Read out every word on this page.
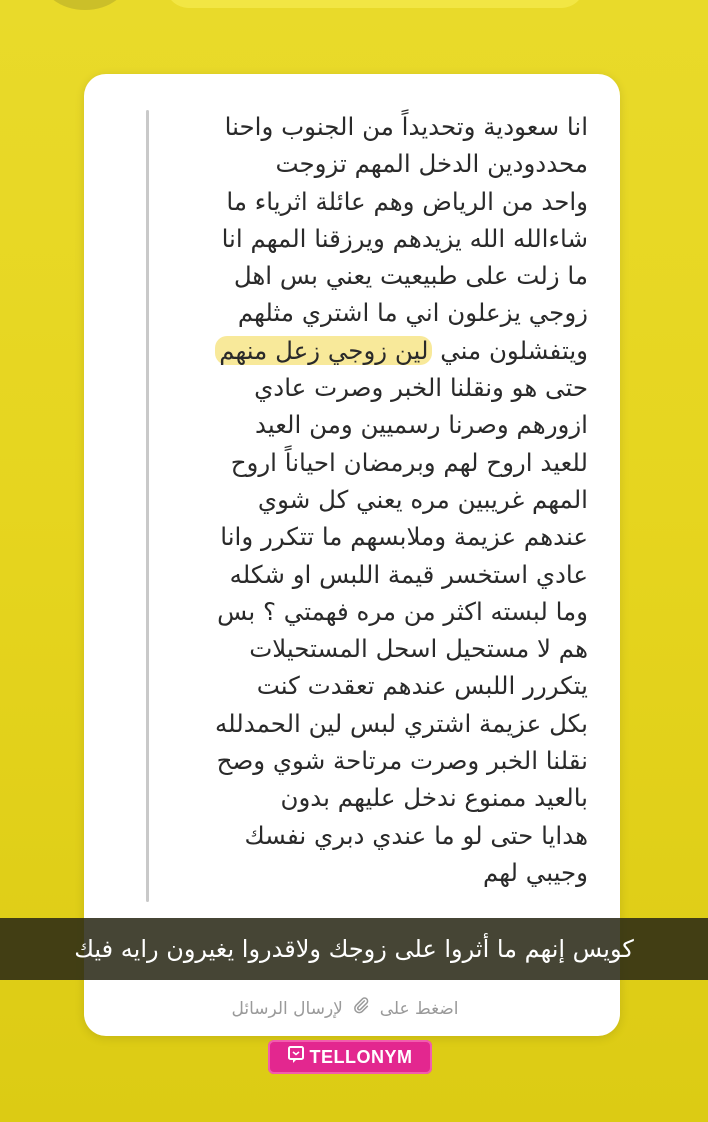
انا سعودية وتحديداً من الجنوب واحنا
محددودين الدخل المهم تزوجت
واحد من الرياض وهم عائلة اثرياء ما
شاءالله الله يزيدهم ويرزقنا المهم انا
ما زلت على طبيعيت يعني بس اهل
زوجي يزعلون اني ما اشتري مثلهم
ويتفشلون مني لين زوجي زعل منهم
حتى هو ونقلنا الخبر وصرت عادي
ازورهم وصرنا رسميين ومن العيد
للعيد اروح لهم وبرمضان احياناً اروح
المهم غريبين مره يعني كل شوي
عندهم عزيمة وملابسهم ما تتكرر وانا
عادي استخسر قيمة اللبس او شكله
وما لبسته اكثر من مره فهمتي ؟ بس
هم لا مستحيل اسحل المستحيلات
يتكررر اللبس عندهم تعقدت كنت
بكل عزيمة اشتري لبس لين الحمدلله
نقلنا الخبر وصرت مرتاحة شوي وصح
بالعيد ممنوع ندخل عليهم بدون
هدايا حتى لو ما عندي دبري نفسك
وجيبي لهم
كويس إنهم ما أثروا على زوجك ولاقدروا يغيرون رايه فيك
اضغط على  لإرسال الرسائل
TELLONYM
